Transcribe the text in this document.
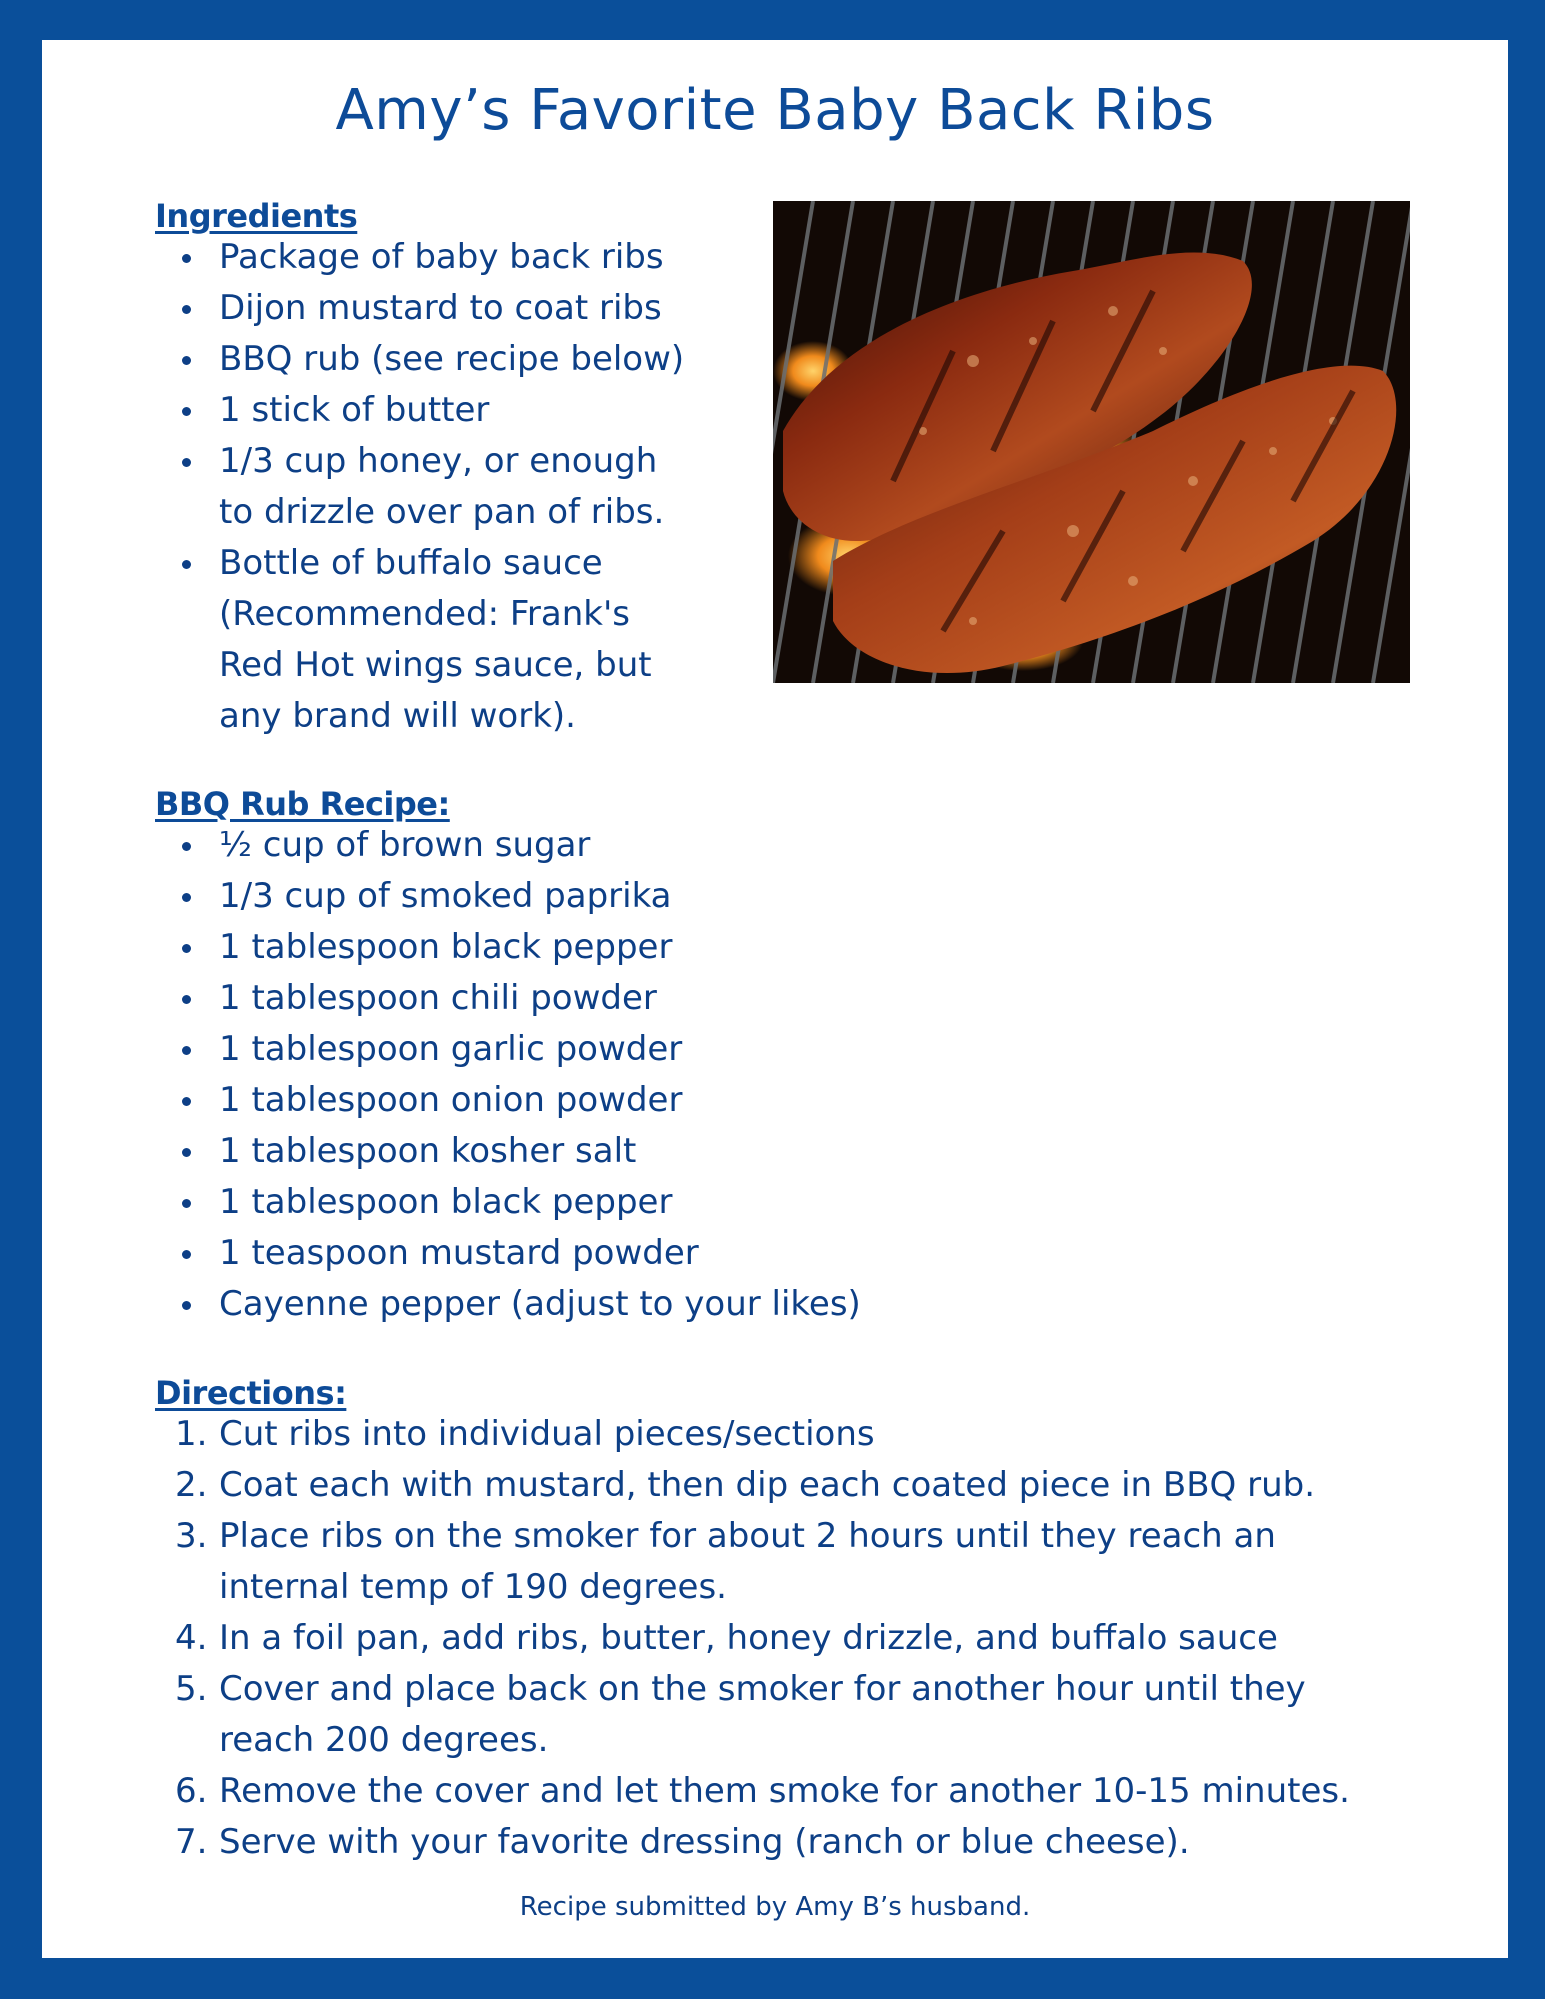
Amy’s Favorite Baby Back Ribs
Ingredients
Package of baby back ribs
Dijon mustard to coat ribs
BBQ rub (see recipe below)
1 stick of butter
1/3 cup honey, or enough to drizzle over pan of ribs.
Bottle of buffalo sauce (Recommended: Frank's Red Hot wings sauce, but any brand will work).
BBQ Rub Recipe:
½ cup of brown sugar
1/3 cup of smoked paprika
1 tablespoon black pepper
1 tablespoon chili powder
1 tablespoon garlic powder
1 tablespoon onion powder
1 tablespoon kosher salt
1 tablespoon black pepper
1 teaspoon mustard powder
Cayenne pepper (adjust to your likes)
Directions:
1. Cut ribs into individual pieces/sections
2. Coat each with mustard, then dip each coated piece in BBQ rub.
3. Place ribs on the smoker for about 2 hours until they reach an internal temp of 190 degrees.
4. In a foil pan, add ribs, butter, honey drizzle, and buffalo sauce
5. Cover and place back on the smoker for another hour until they reach 200 degrees.
6. Remove the cover and let them smoke for another 10-15 minutes.
7. Serve with your favorite dressing (ranch or blue cheese).
Recipe submitted by Amy B’s husband.
